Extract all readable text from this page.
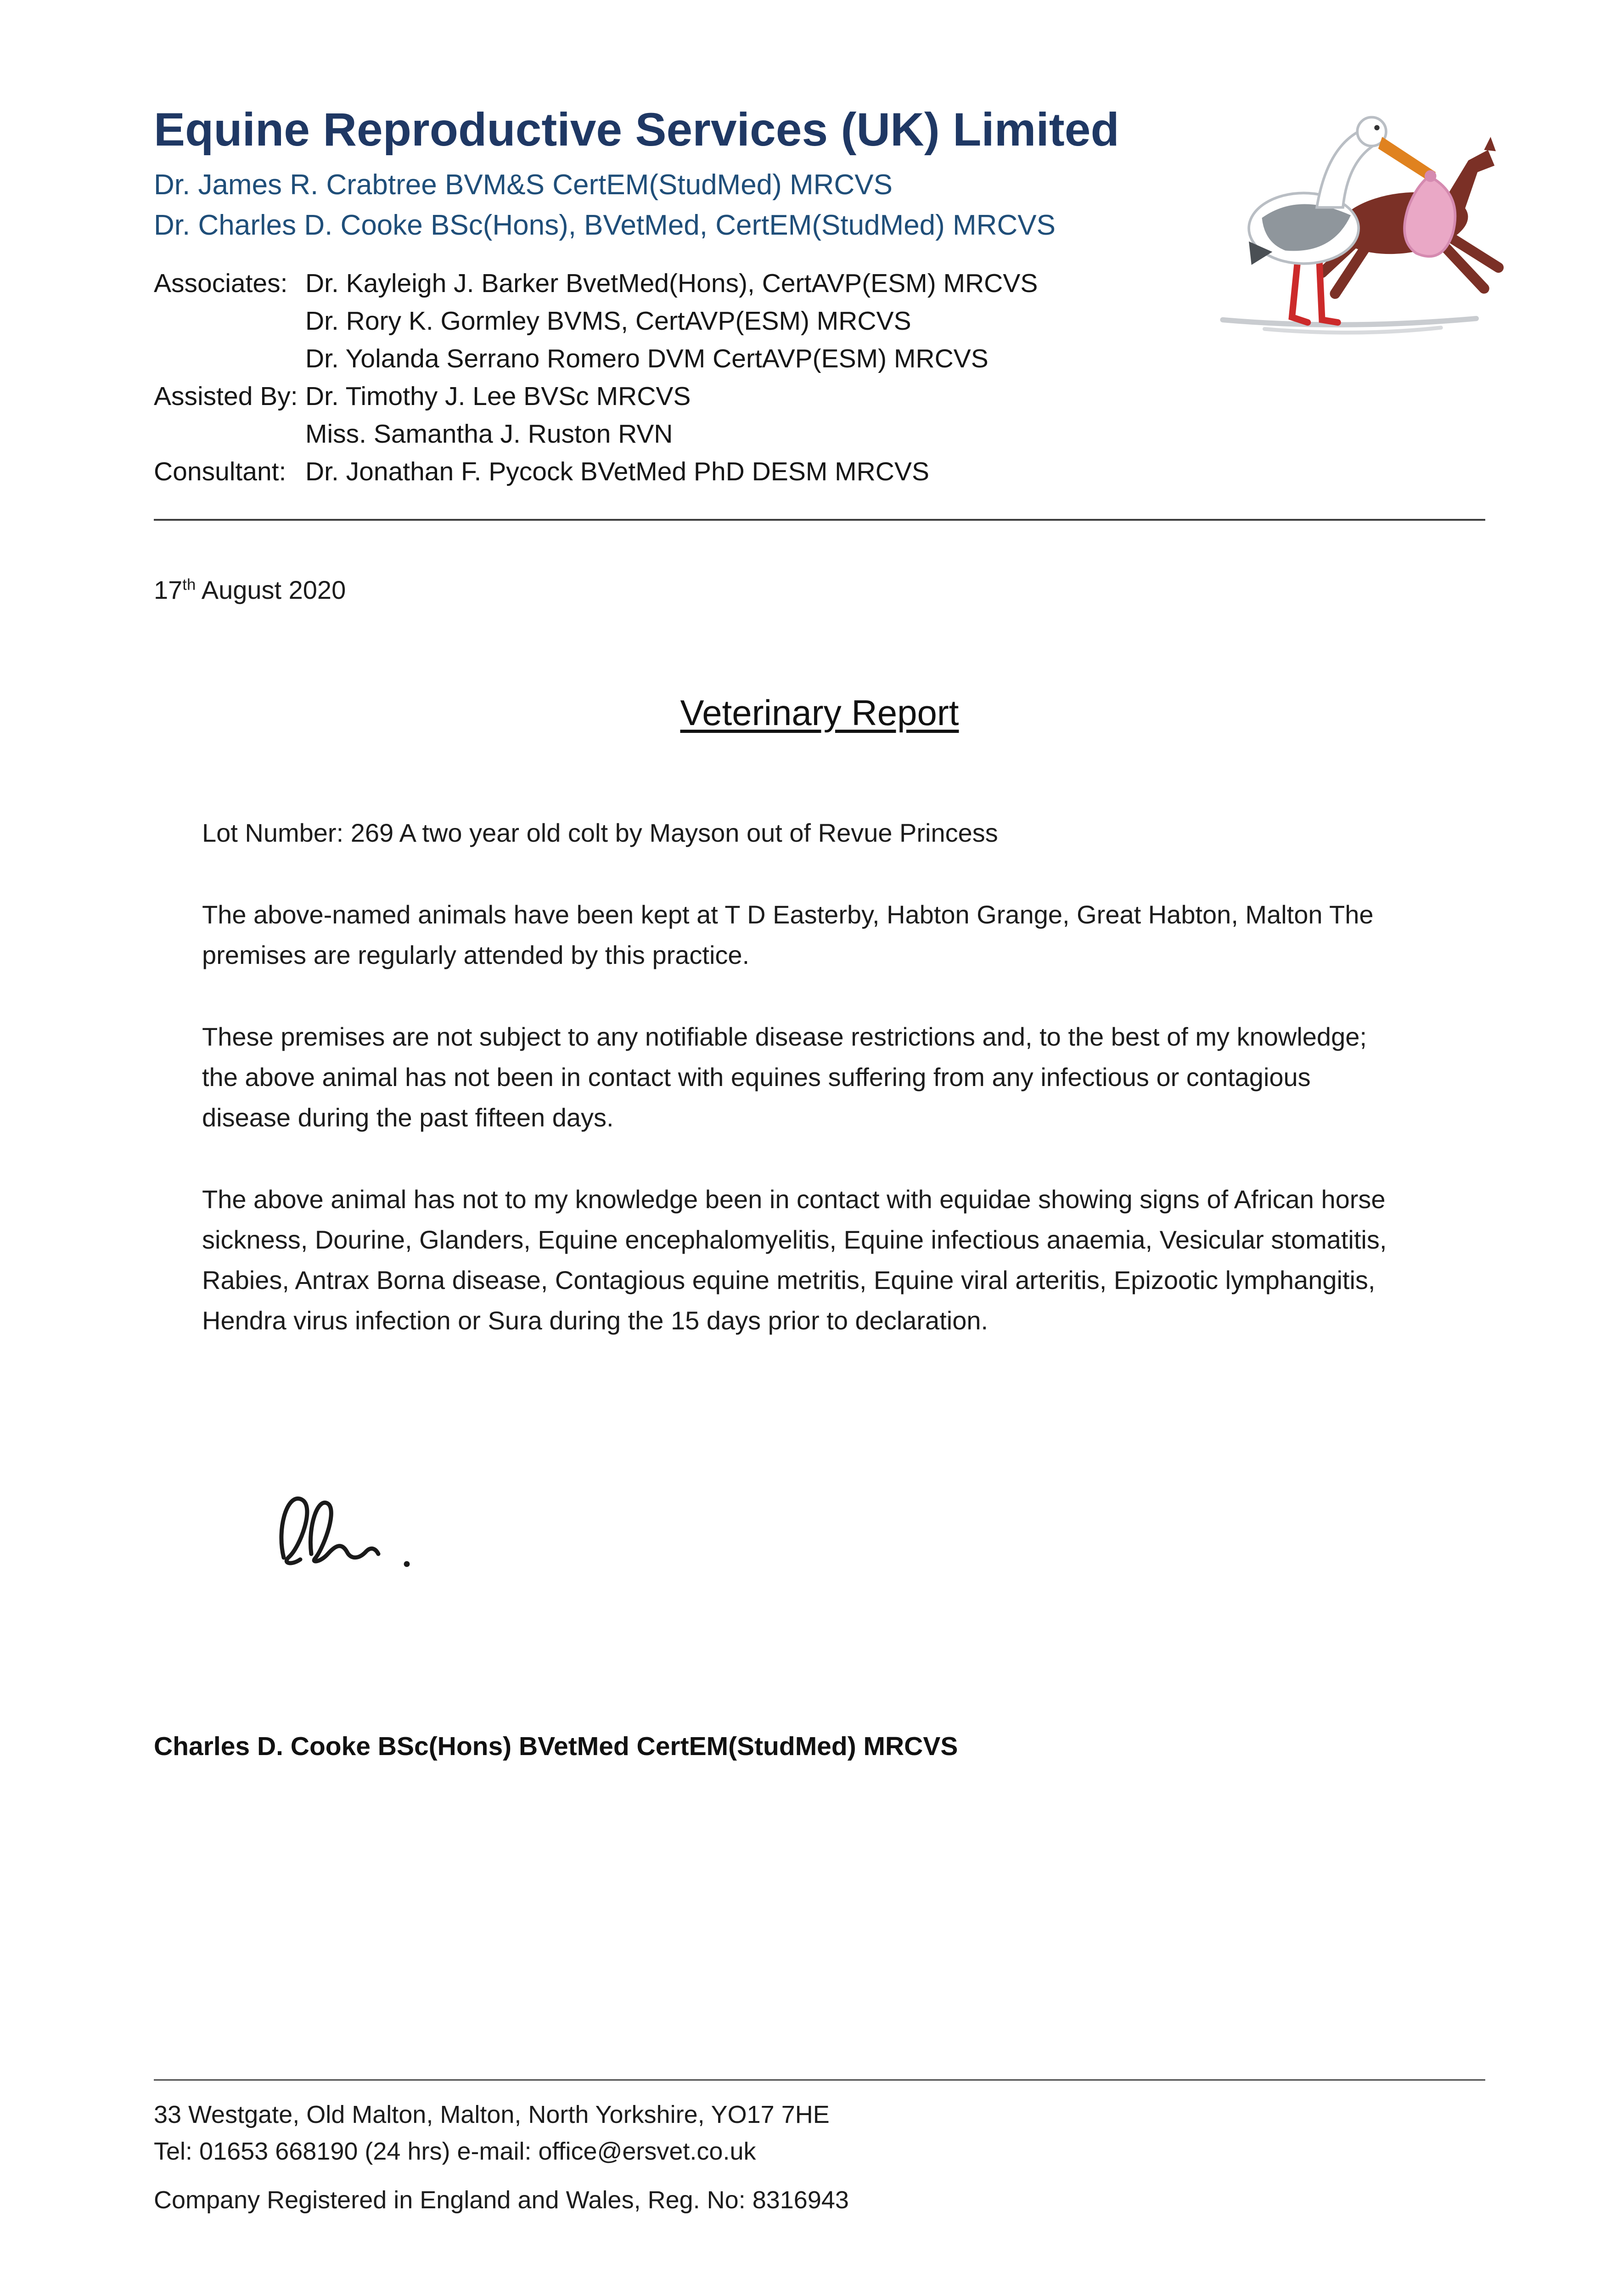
Equine Reproductive Services (UK) Limited

Dr. James R. Crabtree BVM&S CertEM(StudMed) MRCVS

Dr. Charles D. Cooke BSc(Hons), BVetMed, CertEM(StudMed) MRCVS

Associates: Dr. Kayleigh J. Barker BvetMed(Hons), CertAVP(ESM) MRCVS

Dr. Rory K. Gormley BVMS, CertAVP(ESM) MRCVS

Dr. Yolanda Serrano Romero DVM CertAVP(ESM) MRCVS

Assisted By: Dr. Timothy J. Lee BVSc MRCVS

Miss. Samantha J. Ruston RVN

Consultant: Dr. Jonathan F. Pycock BVetMed PhD DESM MRCVS

17th August 2020

Veterinary Report

Lot Number: 269 A two year old colt by Mayson out of Revue Princess

The above-named animals have been kept at T D Easterby, Habton Grange, Great Habton, Malton The premises are regularly attended by this practice.

These premises are not subject to any notifiable disease restrictions and, to the best of my knowledge; the above animal has not been in contact with equines suffering from any infectious or contagious disease during the past fifteen days.

The above animal has not to my knowledge been in contact with equidae showing signs of African horse sickness, Dourine, Glanders, Equine encephalomyelitis, Equine infectious anaemia, Vesicular stomatitis, Rabies, Antrax Borna disease, Contagious equine metritis, Equine viral arteritis, Epizootic lymphangitis, Hendra virus infection or Sura during the 15 days prior to declaration.

Charles D. Cooke BSc(Hons) BVetMed CertEM(StudMed) MRCVS

33 Westgate, Old Malton, Malton, North Yorkshire, YO17 7HE

Tel: 01653 668190 (24 hrs) e-mail: office@ersvet.co.uk

Company Registered in England and Wales, Reg. No: 8316943
